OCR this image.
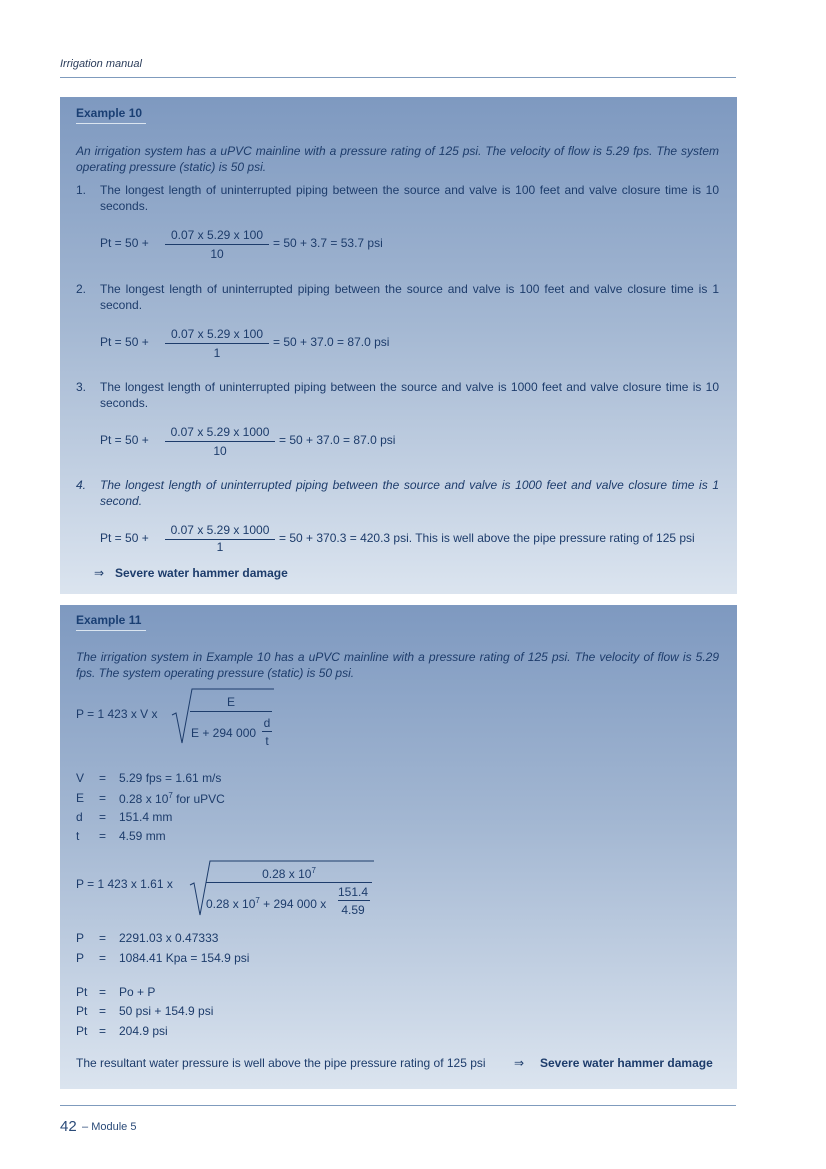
Irrigation manual
Example 10
An irrigation system has a uPVC mainline with a pressure rating of 125 psi. The velocity of flow is 5.29 fps. The system operating pressure (static) is 50 psi.
1. The longest length of uninterrupted piping between the source and valve is 100 feet and valve closure time is 10 seconds.
Pt = 50 +
0.07 x 5.29 x 100
10
= 50 + 3.7 = 53.7 psi
2. The longest length of uninterrupted piping between the source and valve is 100 feet and valve closure time is 1 second.
Pt = 50 +
0.07 x 5.29 x 100
1
= 50 + 37.0 = 87.0 psi
3. The longest length of uninterrupted piping between the source and valve is 1000 feet and valve closure time is 10 seconds.
Pt = 50 +
0.07 x 5.29 x 1000
10
= 50 + 37.0 = 87.0 psi
4. The longest length of uninterrupted piping between the source and valve is 1000 feet and valve closure time is 1 second.
Pt = 50 +
0.07 x 5.29 x 1000
1
= 50 + 370.3 = 420.3 psi. This is well above the pipe pressure rating of 125 psi
⇒ Severe water hammer damage
Example 11
The irrigation system in Example 10 has a uPVC mainline with a pressure rating of 125 psi. The velocity of flow is 5.29 fps. The system operating pressure (static) is 50 psi.
P = 1 423 x V x
E
E + 294 000
d
t
V = 5.29 fps = 1.61 m/s
E = 0.28 x $10^7$ for uPVC
d = 151.4 mm
t = 4.59 mm
P = 1 423 x 1.61 x
0.28 x $10^7$
0.28 x $10^7 + 294$ 000 x
151.4
4.59
P = 2291.03 x 0.47333
P = 1084.41 Kpa = 154.9 psi
Pt = Po + P
Pt = 50 psi + 154.9 psi
Pt = 204.9 psi
The resultant water pressure is well above the pipe pressure rating of 125 psi ⇒ Severe water hammer damage
42 – Module 5
